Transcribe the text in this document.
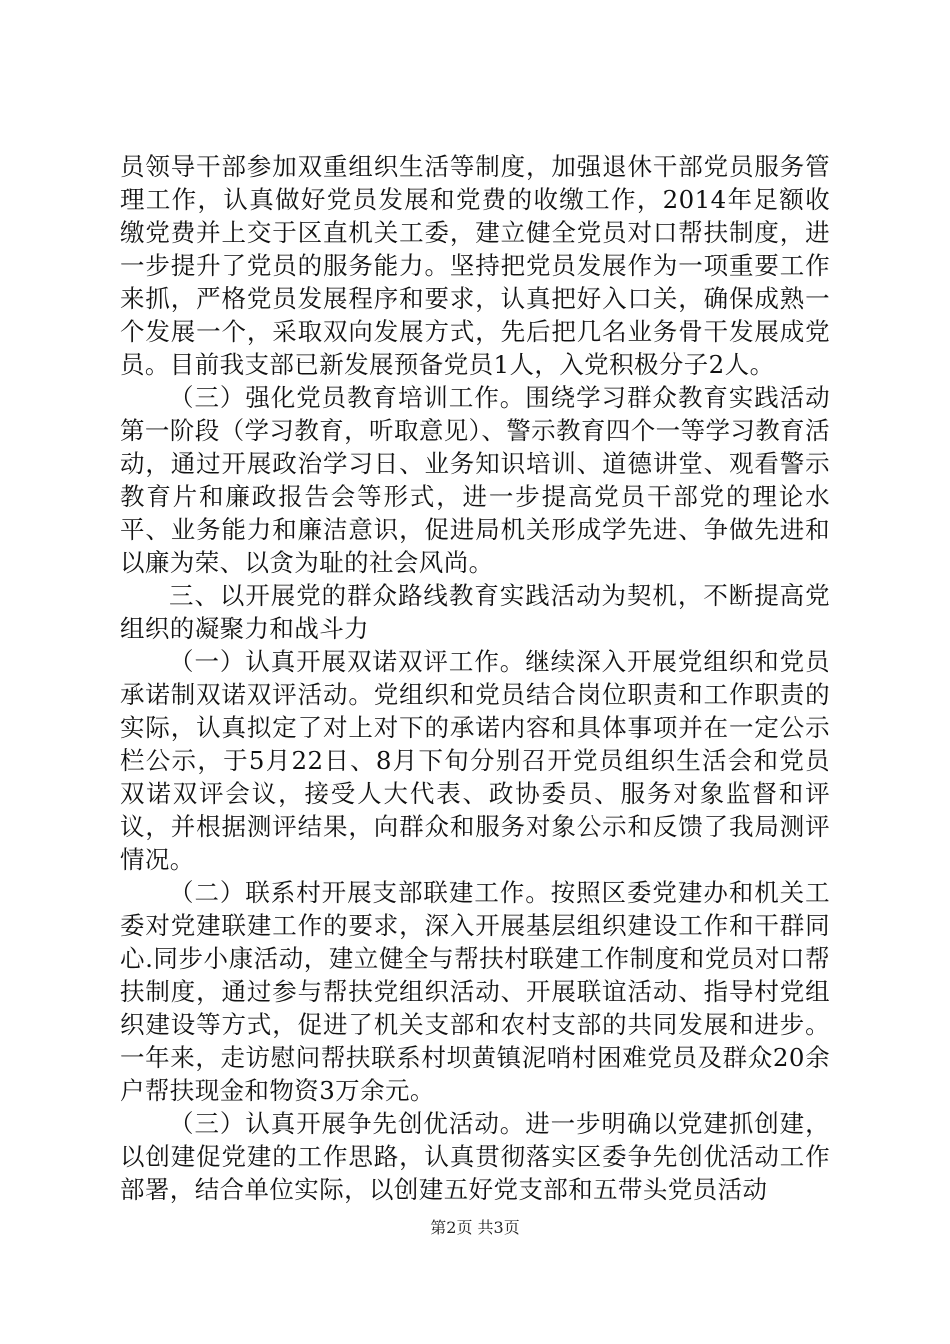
员领导干部参加双重组织生活等制度，加强退休干部党员服务管理工作，认真做好党员发展和党费的收缴工作，2014年足额收缴党费并上交于区直机关工委，建立健全党员对口帮扶制度，进一步提升了党员的服务能力。坚持把党员发展作为一项重要工作来抓，严格党员发展程序和要求，认真把好入口关，确保成熟一个发展一个，采取双向发展方式，先后把几名业务骨干发展成党员。目前我支部已新发展预备党员1人，入党积极分子2人。

（三）强化党员教育培训工作。围绕学习群众教育实践活动第一阶段（学习教育，听取意见）、警示教育四个一等学习教育活动，通过开展政治学习日、业务知识培训、道德讲堂、观看警示教育片和廉政报告会等形式，进一步提高党员干部党的理论水平、业务能力和廉洁意识，促进局机关形成学先进、争做先进和以廉为荣、以贪为耻的社会风尚。

三、以开展党的群众路线教育实践活动为契机，不断提高党组织的凝聚力和战斗力

（一）认真开展双诺双评工作。继续深入开展党组织和党员承诺制双诺双评活动。党组织和党员结合岗位职责和工作职责的实际，认真拟定了对上对下的承诺内容和具体事项并在一定公示栏公示，于5月22日、8月下旬分别召开党员组织生活会和党员双诺双评会议，接受人大代表、政协委员、服务对象监督和评议，并根据测评结果，向群众和服务对象公示和反馈了我局测评情况。

（二）联系村开展支部联建工作。按照区委党建办和机关工委对党建联建工作的要求，深入开展基层组织建设工作和干群同心.同步小康活动，建立健全与帮扶村联建工作制度和党员对口帮扶制度，通过参与帮扶党组织活动、开展联谊活动、指导村党组织建设等方式，促进了机关支部和农村支部的共同发展和进步。一年来，走访慰问帮扶联系村坝黄镇泥哨村困难党员及群众20余户帮扶现金和物资3万余元。

（三）认真开展争先创优活动。进一步明确以党建抓创建，以创建促党建的工作思路，认真贯彻落实区委争先创优活动工作部署，结合单位实际，以创建五好党支部和五带头党员活动

第2页 共3页
